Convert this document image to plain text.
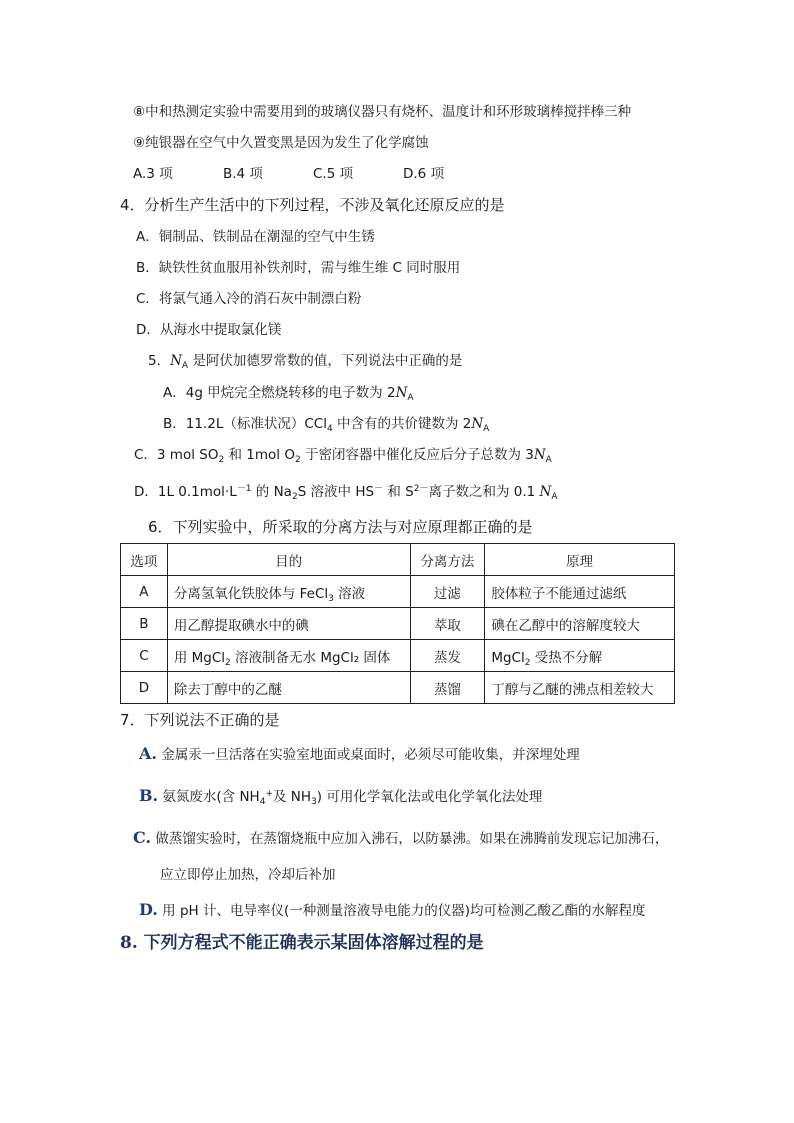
⑧中和热测定实验中需要用到的玻璃仪器只有烧杯、温度计和环形玻璃棒搅拌棒三种
⑨纯银器在空气中久置变黑是因为发生了化学腐蚀
A.3 项	B.4 项	C.5 项	D.6 项
4．分析生产生活中的下列过程，不涉及氧化还原反应的是
A．铜制品、铁制品在潮湿的空气中生锈
B．缺铁性贫血服用补铁剂时，需与维生维 C 同时服用
C．将氯气通入冷的消石灰中制漂白粉
D．从海水中提取氯化镁
5．$N_A$ 是阿伏加德罗常数的值，下列说法中正确的是
A．4g 甲烷完全燃烧转移的电子数为 $2N_A$
B．11.2L（标准状况）CCl$_4$ 中含有的共价键数为 $2N_A$
C．3 mol $SO_2$ 和 1mol $O_2$ 于密闭容器中催化反应后分子总数为 $3N_A$
D．1L $0.1mol\cdot L^{-1}$ 的 $Na_2S$ 溶液中 HS－ 和 $S^{2-}$离子数之和为 0.1 $N_A$
6．下列实验中，所采取的分离方法与对应原理都正确的是
选项	目的	分离方法	原理
A	分离氢氧化铁胶体与 FeCl$_3$ 溶液	过滤	胶体粒子不能通过滤纸
B	用乙醇提取碘水中的碘	萃取	碘在乙醇中的溶解度较大
C	用 MgCl$_2$ 溶液制备无水 MgCl₂ 固体	蒸发	MgCl$_2$ 受热不分解
D	除去丁醇中的乙醚	蒸馏	丁醇与乙醚的沸点相差较大
7．下列说法不正确的是
A. 金属汞一旦活落在实验室地面或桌面时，必须尽可能收集，并深埋处理
B. 氨氮废水(含 $NH_4^+$及 $NH_3$) 可用化学氧化法或电化学氧化法处理
C. 做蒸馏实验时，在蒸馏烧瓶中应加入沸石，以防暴沸。如果在沸腾前发现忘记加沸石，
应立即停止加热，冷却后补加
D. 用 pH 计、电导率仪(一种测量溶液导电能力的仪器)均可检测乙酸乙酯的水解程度
8. 下列方程式不能正确表示某固体溶解过程的是
